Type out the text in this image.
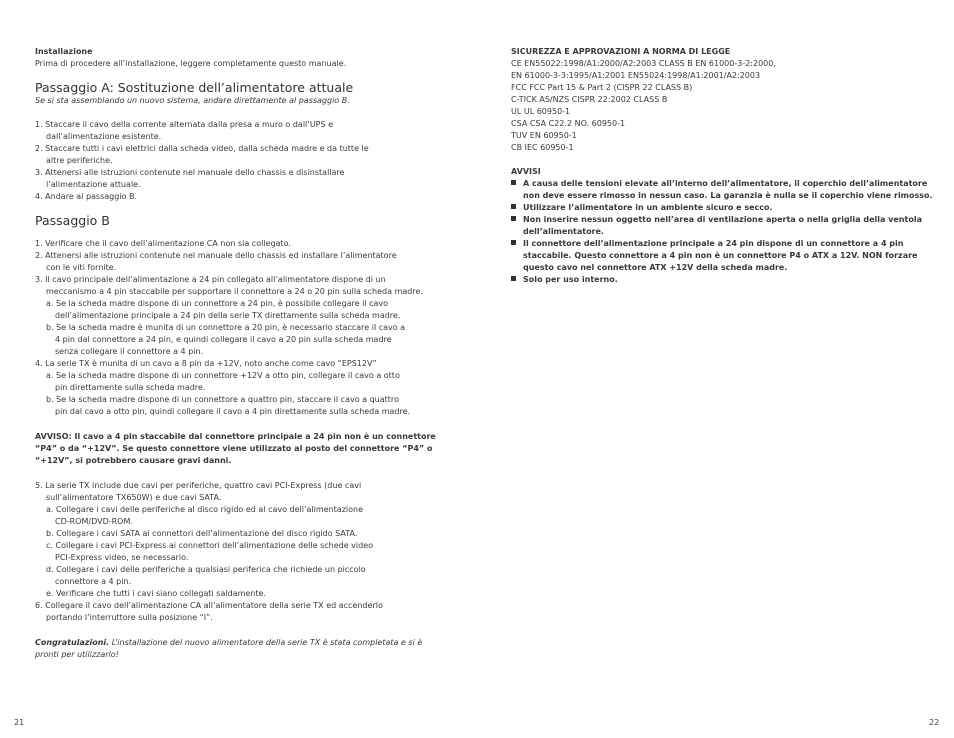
Installazione
Prima di procedere all’installazione, leggere completamente questo manuale.
Passaggio A: Sostituzione dell’alimentatore attuale
Se si sta assemblando un nuovo sistema, andare direttamente al passaggio B.
1. Staccare il cavo della corrente alternata dalla presa a muro o dall’UPS e
dall’alimentazione esistente.
2. Staccare tutti i cavi elettrici dalla scheda video, dalla scheda madre e da tutte le
altre periferiche.
3. Attenersi alle istruzioni contenute nel manuale dello chassis e disinstallare
l’alimentazione attuale.
4. Andare al passaggio B.
Passaggio B
1. Verificare che il cavo dell’alimentazione CA non sia collegato.
2. Attenersi alle istruzioni contenute nel manuale dello chassis ed installare l’alimentatore
con le viti fornite.
3. Il cavo principale dell’alimentazione a 24 pin collegato all’alimentatore dispone di un
meccanismo a 4 pin staccabile per supportare il connettore a 24 o 20 pin sulla scheda madre.
a. Se la scheda madre dispone di un connettore a 24 pin, è possibile collegare il cavo
dell’alimentazione principale a 24 pin della serie TX direttamente sulla scheda madre.
b. Se la scheda madre è munita di un connettore a 20 pin, è necessario staccare il cavo a
4 pin dal connettore a 24 pin, e quindi collegare il cavo a 20 pin sulla scheda madre
senza collegare il connettore a 4 pin.
4. La serie TX è munita di un cavo a 8 pin da +12V, noto anche come cavo “EPS12V”
a. Se la scheda madre dispone di un connettore +12V a otto pin, collegare il cavo a otto
pin direttamente sulla scheda madre.
b. Se la scheda madre dispone di un connettore a quattro pin, staccare il cavo a quattro
pin dal cavo a otto pin, quindi collegare il cavo a 4 pin direttamente sulla scheda madre.
AVVISO: Il cavo a 4 pin staccabile dal connettore principale a 24 pin non è un connettore
“P4” o da “+12V”. Se questo connettore viene utilizzato al posto del connettore “P4” o
“+12V”, si potrebbero causare gravi danni.
5. La serie TX include due cavi per periferiche, quattro cavi PCI-Express (due cavi
sull’alimentatore TX650W) e due cavi SATA.
a. Collegare i cavi delle periferiche al disco rigido ed al cavo dell’alimentazione
CD-ROM/DVD-ROM.
b. Collegare i cavi SATA ai connettori dell’alimentazione del disco rigido SATA.
c. Collegare i cavi PCI-Express ai connettori dell’alimentazione delle schede video
PCI-Express video, se necessario.
d. Collegare i cavi delle periferiche a qualsiasi periferica che richiede un piccolo
connettore a 4 pin.
e. Verificare che tutti i cavi siano collegati saldamente.
6. Collegare il cavo dell’alimentazione CA all’alimentatore della serie TX ed accenderlo
portando l’interruttore sulla posizione “I”.
Congratulazioni. L’installazione del nuovo alimentatore della serie TX è stata completata e si è
pronti per utilizzarlo!
21
SICUREZZA E APPROVAZIONI A NORMA DI LEGGE
CE EN55022:1998/A1:2000/A2:2003 CLASS B EN 61000-3-2:2000,
EN 61000-3-3:1995/A1:2001 EN55024:1998/A1:2001/A2:2003
FCC FCC Part 15 & Part 2 (CISPR 22 CLASS B)
C-TICK AS/NZS CISPR 22:2002 CLASS B
UL UL 60950-1
CSA CSA C22.2 NO. 60950-1
TUV EN 60950-1
CB IEC 60950-1
AVVISI
A causa delle tensioni elevate all’interno dell’alimentatore, il coperchio dell’alimentatore
non deve essere rimosso in nessun caso. La garanzia è nulla se il coperchio viene rimosso.
Utilizzare l’alimentatore in un ambiente sicuro e secco.
Non inserire nessun oggetto nell’area di ventilazione aperta o nella griglia della ventola
dell’alimentatore.
Il connettore dell’alimentazione principale a 24 pin dispone di un connettore a 4 pin
staccabile. Questo connettore a 4 pin non è un connettore P4 o ATX a 12V. NON forzare
questo cavo nel connettore ATX +12V della scheda madre.
Solo per uso interno.
22
